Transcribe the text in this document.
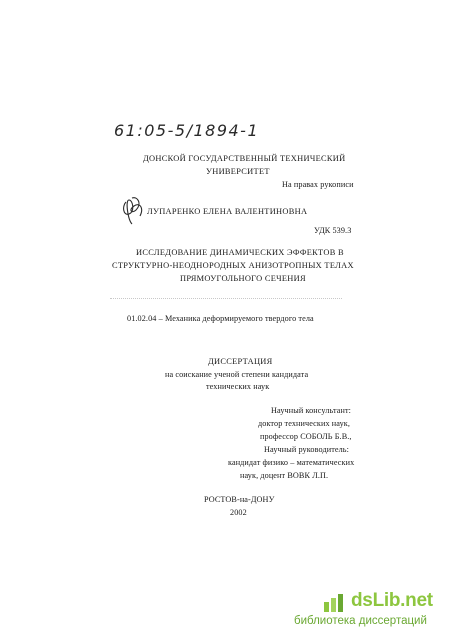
61:05-5/1894-1
ДОНСКОЙ ГОСУДАРСТВЕННЫЙ ТЕХНИЧЕСКИЙ
УНИВЕРСИТЕТ
На правах рукописи
ЛУПАРЕНКО ЕЛЕНА ВАЛЕНТИНОВНА
УДК 539.3
ИССЛЕДОВАНИЕ ДИНАМИЧЕСКИХ ЭФФЕКТОВ В
СТРУКТУРНО-НЕОДНОРОДНЫХ АНИЗОТРОПНЫХ ТЕЛАХ
ПРЯМОУГОЛЬНОГО СЕЧЕНИЯ
01.02.04 – Механика деформируемого твердого тела
ДИССЕРТАЦИЯ
на соискание ученой степени кандидата
технических наук
Научный консультант:
доктор технических наук,
профессор СОБОЛЬ Б.В.,
Научный руководитель:
кандидат физико – математических
наук, доцент ВОВК Л.П.
РОСТОВ-на-ДОНУ
2002
dsLib.net
библиотека диссертаций
